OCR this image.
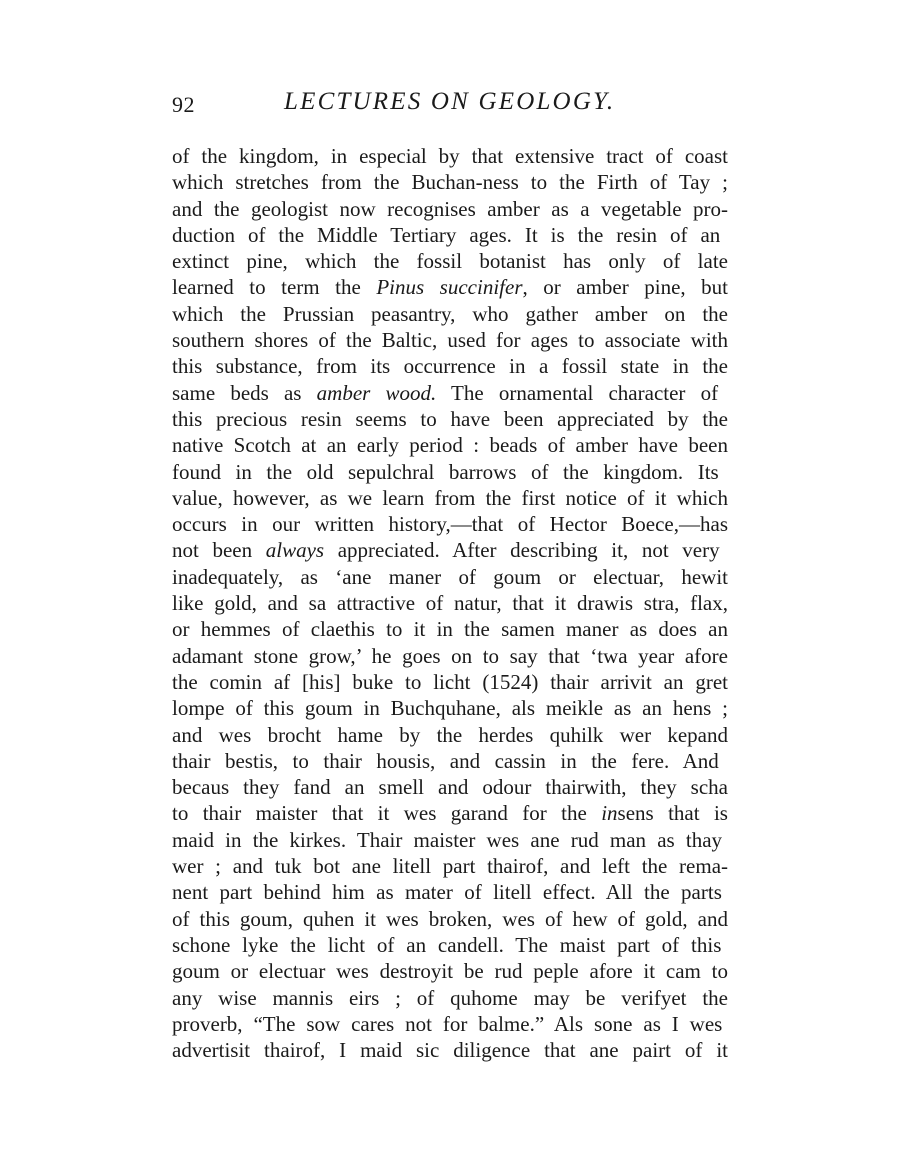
92	LECTURES ON GEOLOGY.
of the kingdom, in especial by that extensive tract of coast
which stretches from the Buchan-ness to the Firth of Tay ;
and the geologist now recognises amber as a vegetable pro-
duction of the Middle Tertiary ages. It is the resin of an
extinct pine, which the fossil botanist has only of late
learned to term the Pinus succinifer, or amber pine, but
which the Prussian peasantry, who gather amber on the
southern shores of the Baltic, used for ages to associate with
this substance, from its occurrence in a fossil state in the
same beds as amber wood. The ornamental character of
this precious resin seems to have been appreciated by the
native Scotch at an early period : beads of amber have been
found in the old sepulchral barrows of the kingdom. Its
value, however, as we learn from the first notice of it which
occurs in our written history,—that of Hector Boece,—has
not been always appreciated. After describing it, not very
inadequately, as ‘ane maner of goum or electuar, hewit
like gold, and sa attractive of natur, that it drawis stra, flax,
or hemmes of claethis to it in the samen maner as does an
adamant stone grow,’ he goes on to say that ‘twa year afore
the comin af [his] buke to licht (1524) thair arrivit an gret
lompe of this goum in Buchquhane, als meikle as an hens ;
and wes brocht hame by the herdes quhilk wer kepand
thair bestis, to thair housis, and cassin in the fere. And
becaus they fand an smell and odour thairwith, they scha
to thair maister that it wes garand for the insens that is
maid in the kirkes. Thair maister wes ane rud man as thay
wer ; and tuk bot ane litell part thairof, and left the rema-
nent part behind him as mater of litell effect. All the parts
of this goum, quhen it wes broken, wes of hew of gold, and
schone lyke the licht of an candell. The maist part of this
goum or electuar wes destroyit be rud peple afore it cam to
any wise mannis eirs ; of quhome may be verifyet the
proverb, “The sow cares not for balme.” Als sone as I wes
advertisit thairof, I maid sic diligence that ane pairt of it
